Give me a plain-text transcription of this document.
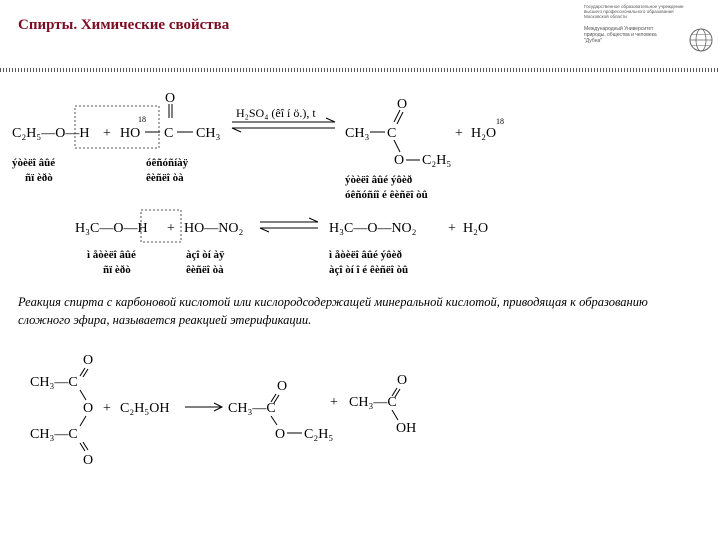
Спирты. Химические свойства
Государственное образовательное учреждение
высшего профессионального образования
Московской области
Международный Университет
природы, общества и человека
"Дубна"
C₂H₅—O—H + HO
18
C
O
CH₃
H₂SO₄ (êî í ö.), t
CH₃ C
O
O C₂H₅
+ H₂O
18
ýòèëî âûé
ñï èðò
óêñóñíàÿ
êèñëî òà	ýòèëî âûé ýôèð
óêñóñíî é êèñëî òû
H₃C—O—H + HO—NO₂	H₃C—O—NO₂ + H₂O
ì åòèëî âûé
ñï èðò
àçî òí àÿ
êèñëî òà
ì åòèëî âûé ýôèð
àçî òí î é êèñëî òû
Реакция спирта с карбоновой кислотой или кислородсодержащей минеральной кислотой, приводящая к образованию сложного эфира, называется реакцией этерификации.
O
CH₃—C
O
CH₃—C
O
+ C₂H₅OH
O
CH₃—C
O C₂H₅
+
O
CH₃—C
OH
